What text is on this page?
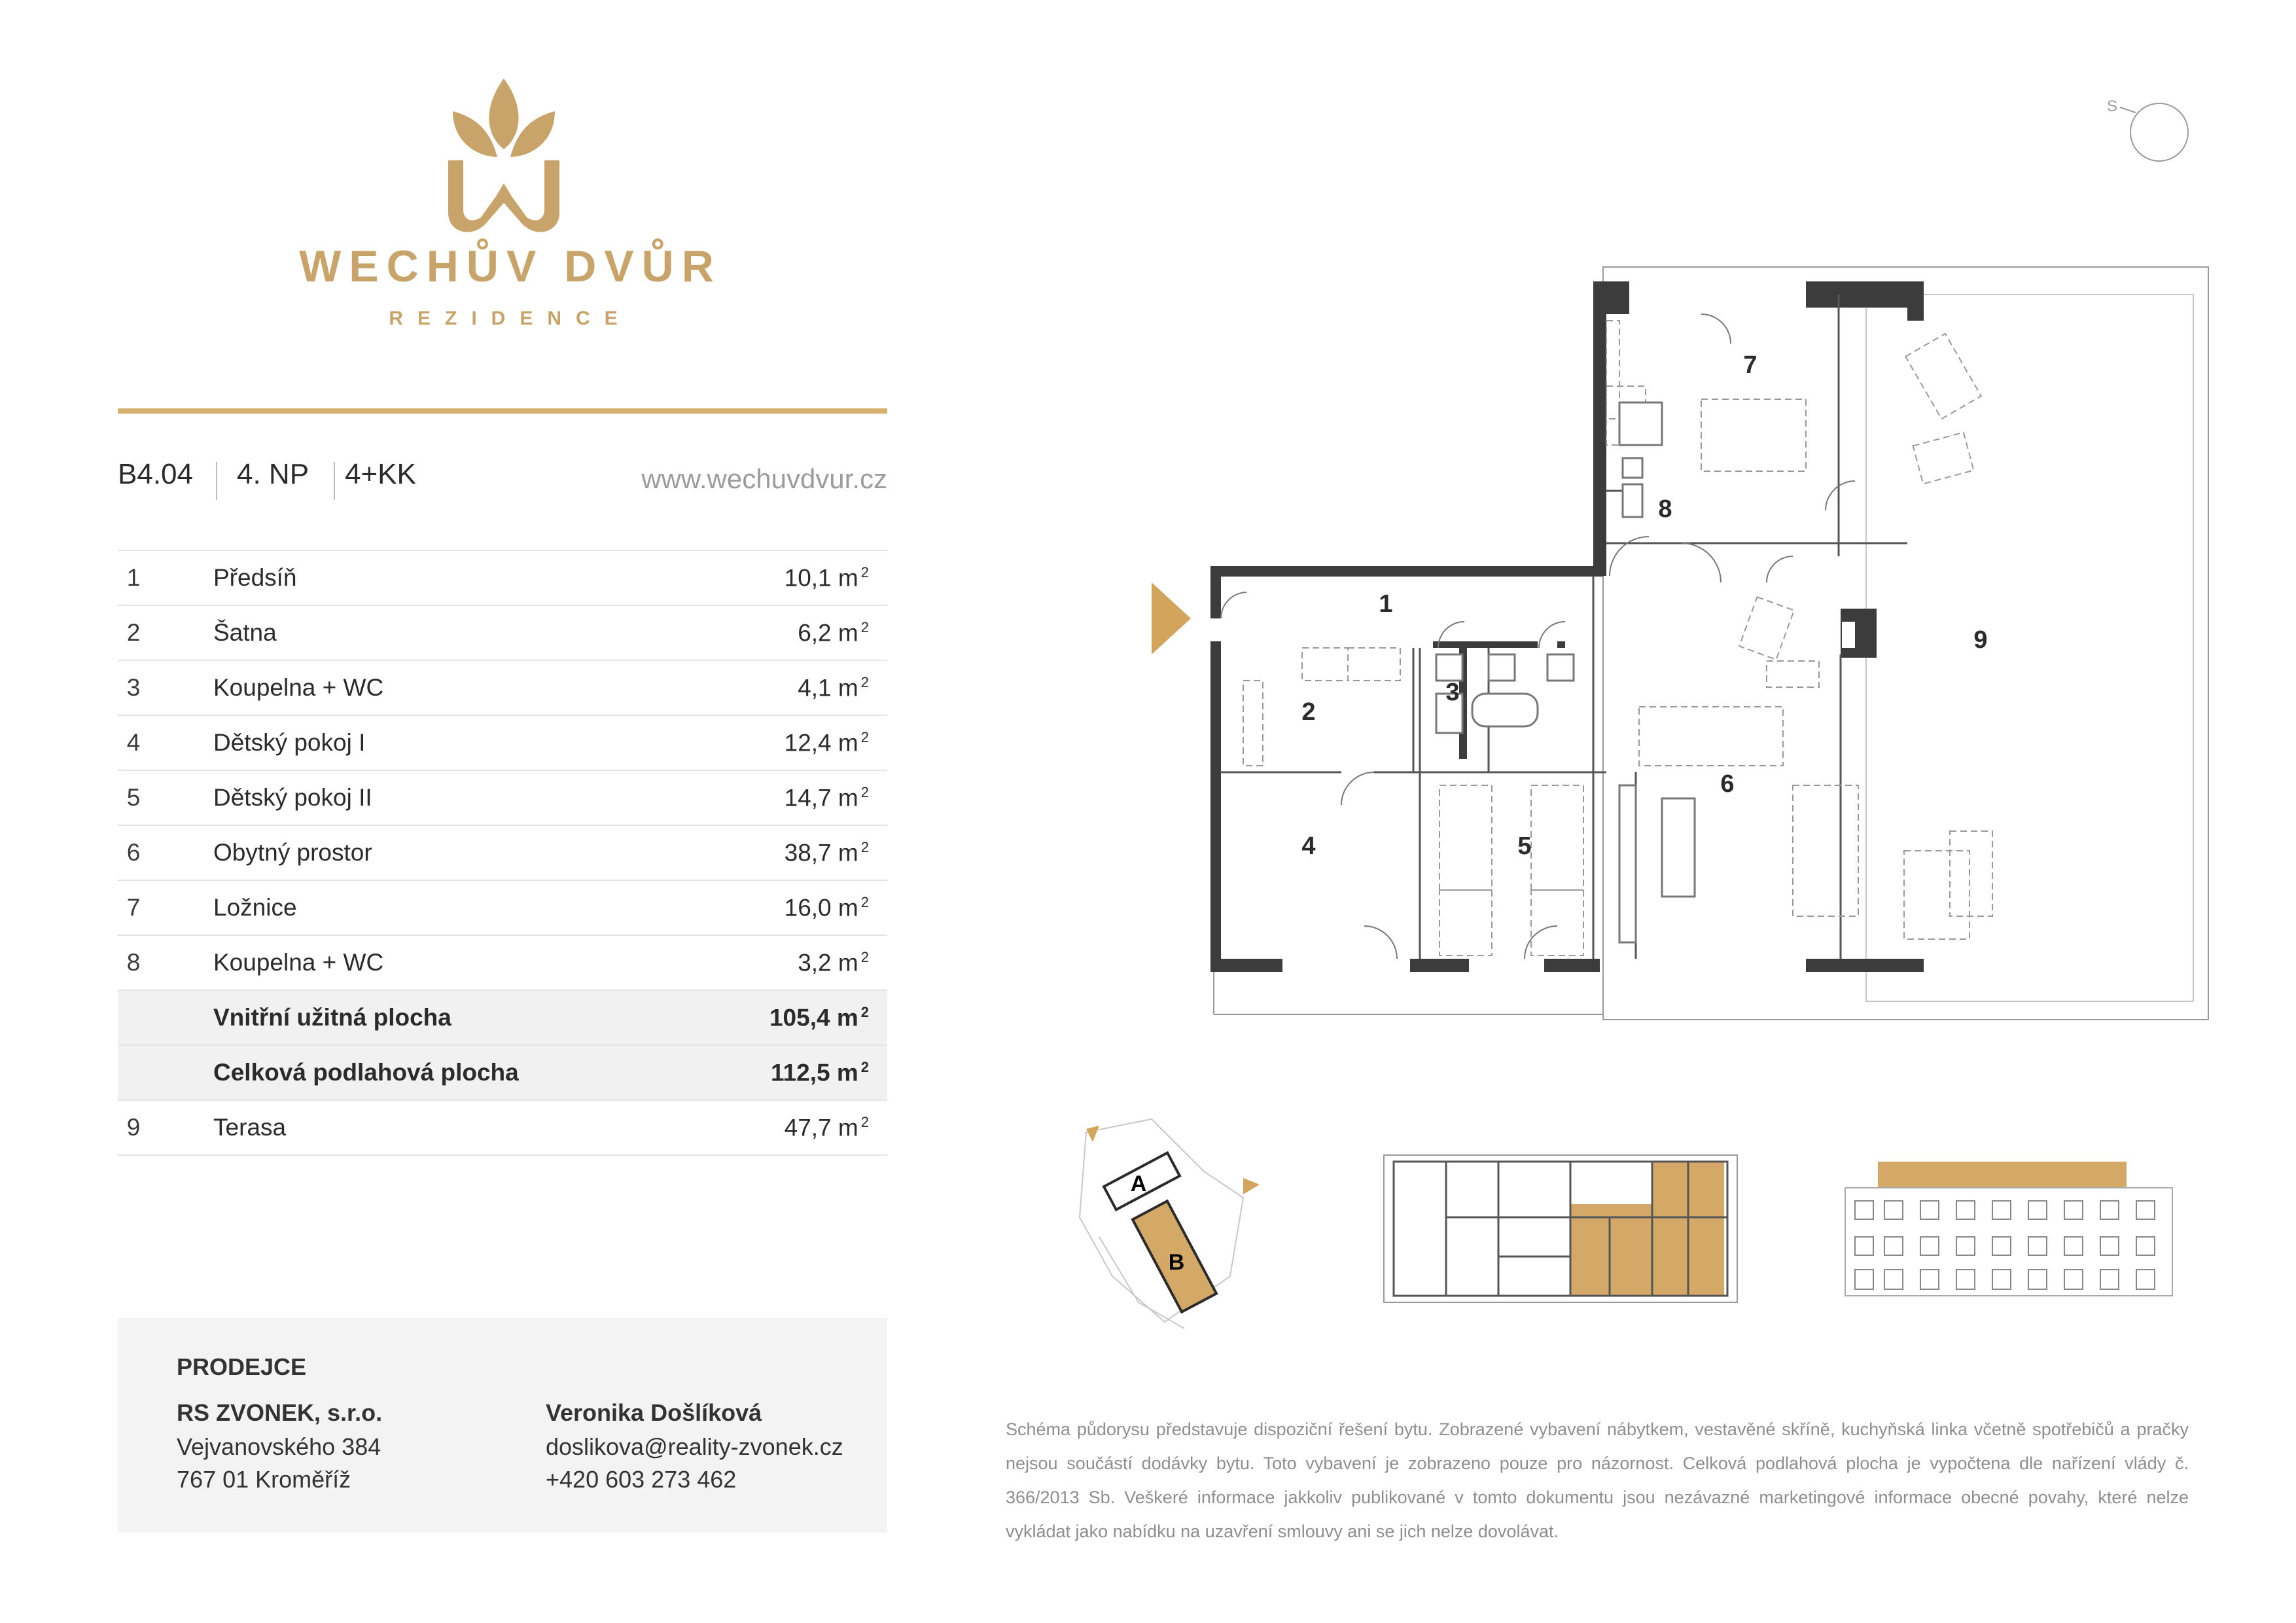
WECHŮV DVŮR
REZIDENCE
B4.04 4. NP 4+KK	www.wechuvdvur.cz
1	Předsíň	10,1 m $^2$
2	Šatna	6,2 m $^2$
3	Koupelna + WC	4,1 m $^2$
4	Dětský pokoj I	12,4 m $^2$
5	Dětský pokoj II	14,7 m $^2$
6	Obytný prostor	38,7 m $^2$
7	Ložnice	16,0 m $^2$
8	Koupelna + WC	3,2 m $^2$
	Vnitřní užitná plocha	105,4 m $^2$
	Celková podlahová plocha	112,5 m $^2$
9	Terasa	47,7 m $^2$
PRODEJCE
RS ZVONEK, s.r.o.
Vejvanovského 384
767 01 Kroměříž
Veronika Došlíková
doslikova@reality-zvonek.cz
+420 603 273 462
Schéma půdorysu představuje dispoziční řešení bytu. Zobrazené vybavení nábytkem, vestavěné skříně, kuchyňská linka včetně spotřebičů a pračky nejsou součástí dodávky bytu. Toto vybavení je zobrazeno pouze pro názornost. Celková podlahová plocha je vypočtena dle nařízení vlády č. 366/2013 Sb. Veškeré informace jakkoliv publikované v tomto dokumentu jsou nezávazné marketingové informace obecné povahy, které nelze vykládat jako nabídku na uzavření smlouvy ani se jich nelze dovolávat.
S
1
2
3
4	5
6
7
8
9
A
B
